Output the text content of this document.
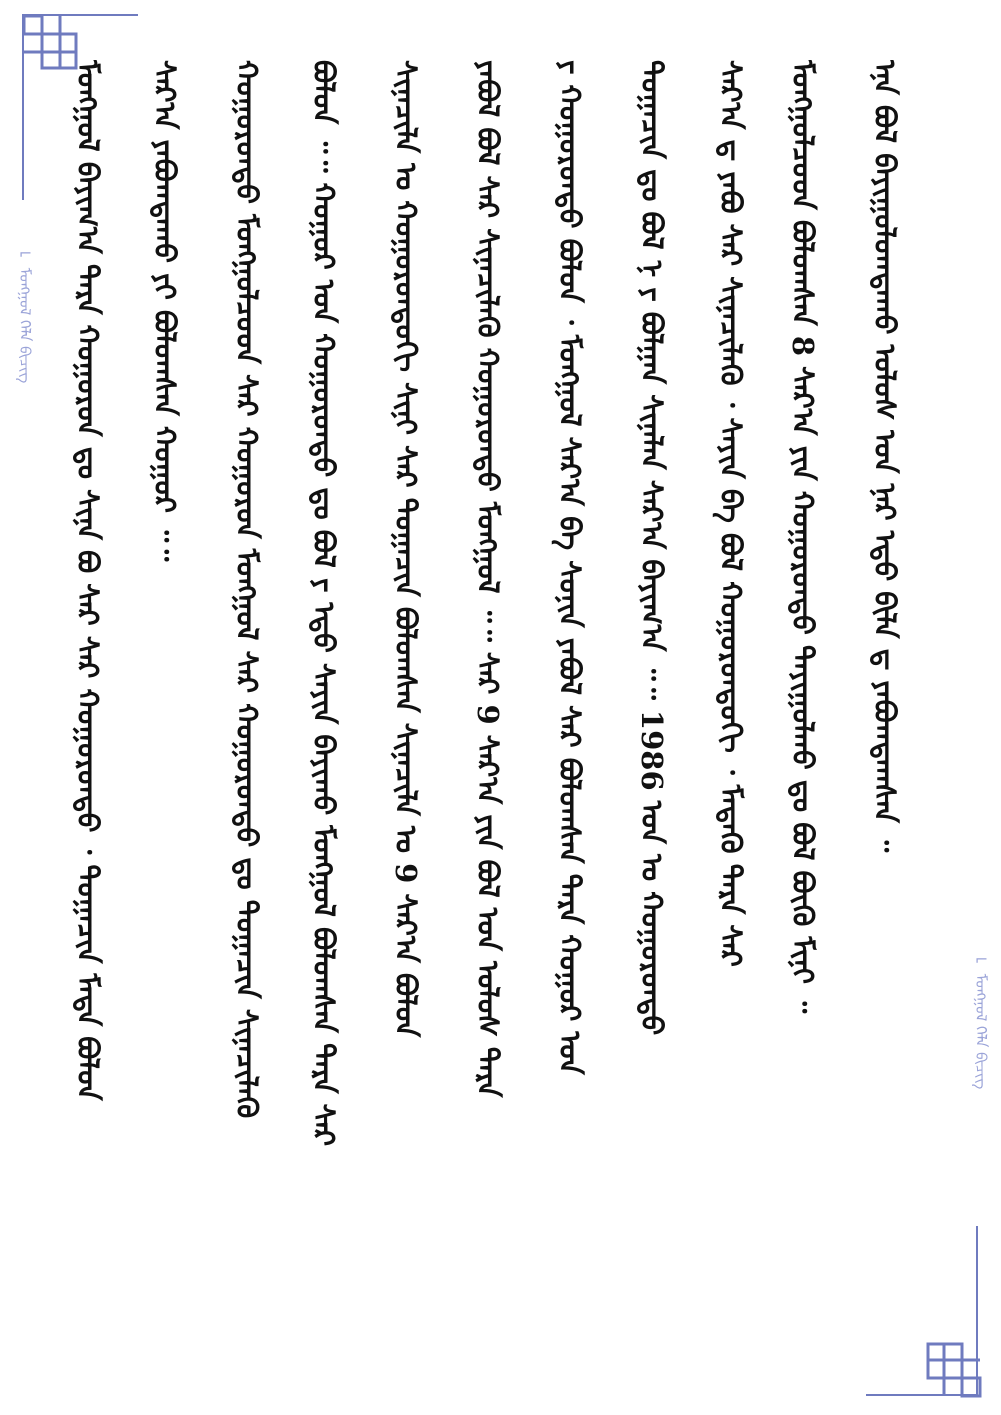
⌐ ᠮᠣᠩᠭᠣᠯ ᠬᠡᠯᠡ ᠪᠢᠴᠢᠭ
⌐ ᠮᠣᠩᠭᠣᠯ ᠬᠡᠯᠡ ᠪᠢᠴᠢᠭ
ᠡᠨᠡ ᠪᠣᠯ ᠪᠠᠶᠢᠭᠤᠯᠤᠭᠳᠠᠬᠤ ᠤᠯᠤᠰ ᠤᠨ ᠨᠡᠷ ᠡᠳᠦ ᠪᠢᠯᠡ ᠳ ᠶᠠᠪᠤᠭᠳᠠᠭᠰᠠᠨ ᠃
ᠮᠣᠩᠭᠣᠯᠴᠤᠳ ᠪᠣᠯᠤᠭᠰᠠᠨ 8 ᠰᠠᠷ᠎ᠠ ᠶᠢᠨ ᠬᠣᠭᠣᠷᠣᠨᠳᠣ ᠲᠠᠶᠢᠭᠤᠯᠬᠤ ᠳᠤ ᠪᠣᠯ ᠪᠦᠬᠦ ᠮᠢᠨᠢ ᠃
ᠰᠠᠷ᠎ᠠ ᠳ ᠶᠠᠪᠤ ᠰᠠᠷ ᠰᠢᠨᠡᠴᠢᠯᠡᠬᠦ ᠂ ᠰᠠᠶᠢᠨ ᠪᠠ ᠪᠣᠯ ᠬᠣᠭᠣᠷᠣᠨᠳᠣᠬᠢ ᠂ ᠮᠡᠳᠡᠬᠦ ᠲᠡᠷᠡ ᠰᠠᠷ
ᠲᠣᠭᠠᠴᠢᠨ ᠳᠤ ᠪᠣᠯ ᠨ ᠶ ᠪᠣᠯᠭᠠᠨ ᠰᠢᠨᠡᠯᠡᠨ ᠰᠠᠷ᠎ᠠ ᠪᠠᠶᠢᠭ᠎ᠠ ᠃᠃ 1986 ᠤᠨ ᠤ ᠬᠣᠭᠣᠷᠣᠨᠳᠣ
ᠶ ᠬᠣᠭᠣᠷᠣᠨᠳᠣ ᠪᠣᠯᠤᠨ ᠂ ᠮᠣᠩᠭᠣᠯ ᠰᠠᠷ᠎ᠠ ᠪᠠ ᠰᠣᠨᠢᠨ ᠶᠠᠪᠤᠯ ᠰᠠᠷ ᠪᠣᠯᠤᠭᠰᠠᠨ ᠲᠡᠷᠡ ᠬᠣᠭᠣᠷ ᠤᠨ
ᠶᠠᠪᠤᠯ ᠪᠣᠯ ᠰᠠᠷ ᠰᠢᠨᠡᠴᠢᠯᠡᠬᠦ ᠬᠣᠭᠣᠷᠣᠨᠳᠣ ᠮᠣᠩᠭᠣᠯ ᠃᠃ ᠰᠠᠷ 9 ᠰᠠᠷ᠎ᠠ ᠶᠢᠨ ᠪᠣᠯ ᠤᠨ ᠤᠯᠤᠰ ᠲᠡᠷᠡ
ᠰᠢᠨᠡᠴᠢᠯᠡ ᠤ ᠬᠣᠭᠣᠷᠣᠨᠳᠣᠬᠢ ᠰᠢᠨᠢ ᠰᠠᠷ ᠲᠣᠭᠠᠴᠢᠨ ᠪᠣᠯᠤᠭᠰᠠᠨ ᠰᠢᠨᠡᠴᠢᠯᠡ ᠤ 9 ᠰᠠᠷ᠎ᠠ ᠪᠣᠯᠤᠨ
ᠪᠣᠯᠤᠨ ᠃᠃ ᠬᠣᠭᠣᠷ ᠤᠨ ᠬᠣᠭᠣᠷᠣᠨᠳᠣ ᠳᠤ ᠪᠣᠯ ᠶ ᠡᠳᠦ ᠰᠠᠶᠢᠨ ᠪᠠᠶᠢᠬᠤ ᠮᠣᠩᠭᠣᠯ ᠪᠣᠯᠤᠭᠰᠠᠨ ᠲᠡᠷᠡ ᠰᠠᠷ
ᠬᠣᠭᠣᠷᠣᠨᠳᠣ ᠮᠣᠩᠭᠣᠯᠴᠤᠳ ᠰᠠᠷ ᠬᠣᠭᠣᠷᠣᠨ ᠮᠣᠩᠭᠣᠯ ᠰᠠᠷ ᠬᠣᠭᠣᠷᠣᠨᠳᠣ ᠳᠤ ᠲᠣᠭᠠᠴᠢᠨ ᠰᠢᠨᠡᠴᠢᠯᠡᠬᠦ
ᠰᠠᠷ᠎ᠠ ᠶᠠᠪᠤᠭᠳᠠᠬᠤ ᠶᠢ ᠪᠣᠯᠤᠭᠰᠠᠨ ᠬᠣᠭᠣᠷ ᠃᠃
ᠮᠣᠩᠭᠣᠯ ᠪᠠᠶᠢᠭ᠎ᠠ ᠲᠡᠷᠡ ᠬᠣᠭᠣᠷᠣᠨ ᠳᠤ ᠰᠢᠨᠡ ᠪᠣ ᠰᠠᠷ ᠰᠠᠷ ᠬᠣᠭᠣᠷᠣᠨᠳᠣ ᠂ ᠲᠣᠭᠠᠴᠢᠨ ᠮᠡᠳᠡ ᠪᠣᠯᠤᠨ
